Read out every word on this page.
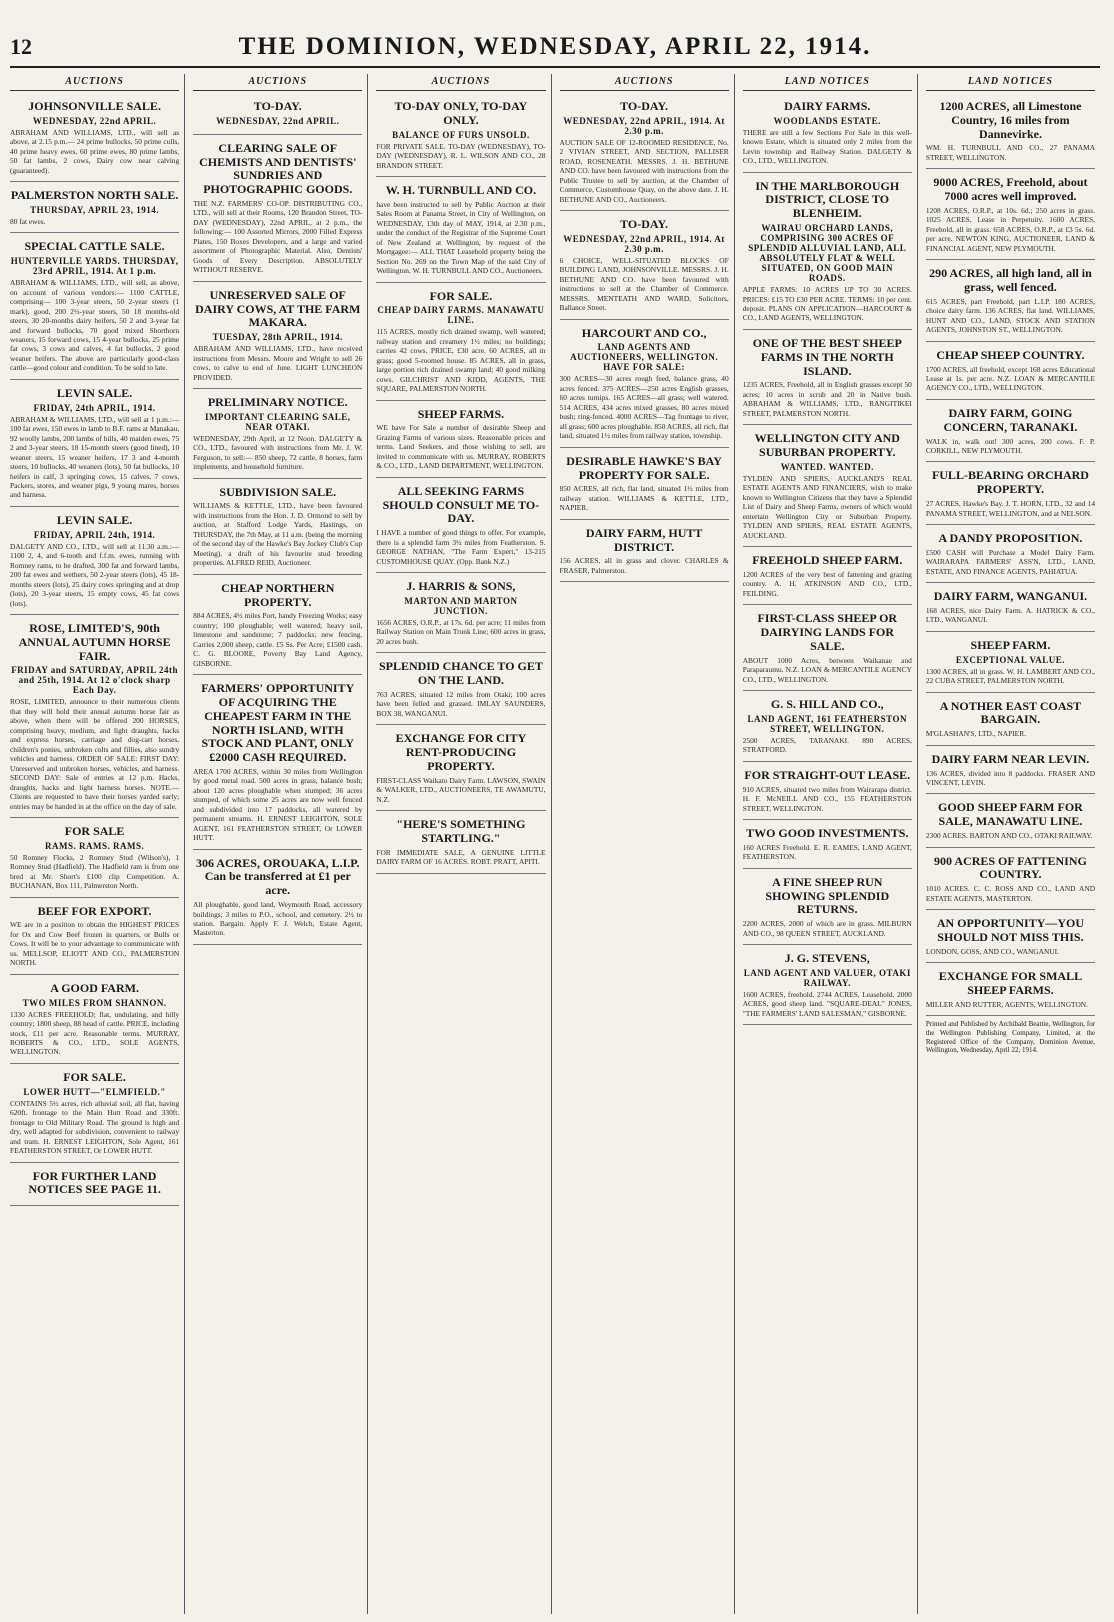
12	THE DOMINION, WEDNESDAY, APRIL 22, 1914.
AUCTIONS
JOHNSONVILLE SALE.
WEDNESDAY, 22nd APRIL.

ABRAHAM AND WILLIAMS, LTD., will sell as above, at 2.15 p.m.— 24 prime bullocks, 50 prime culls, 40 prime heavy ewes, 60 prime ewes, 80 prime lambs, 50 fat lambs, 2 cows, Dairy cow near calving (guaranteed).

PALMERSTON NORTH SALE.
THURSDAY, APRIL 23, 1914.

80 fat ewes.

SPECIAL CATTLE SALE.
HUNTERVILLE YARDS. THURSDAY, 23rd APRIL, 1914. At 1 p.m.

ABRAHAM & WILLIAMS, LTD., will sell, as above, on account of various vendors:— 1100 CATTLE, comprising— 100 3-year steers, 50 2-year steers (1 mark), good, 200 2½-year steers, 50 18 months-old steers, 30 20-months dairy heifers, 50 2 and 3-year fat and forward bullocks, 70 good mixed Shorthorn weaners, 15 forward cows, 15 4-year bullocks, 25 prime fat cows, 3 cows and calves, 4 fat bullocks, 2 good weaner heifers. The above are particularly good-class cattle—good colour and condition. To be sold to late.

LEVIN SALE.
FRIDAY, 24th APRIL, 1914.

ABRAHAM & WILLIAMS, LTD., will sell at 1 p.m.:— 100 fat ewes, 150 ewes in lamb to B.F. rams at Manakau, 92 woolly lambs, 200 lambs of hills, 40 maiden ewes, 75 2 and 3-year steers, 18 15-month steers (good lined), 10 weaner steers, 15 weaner heifers, 17 3 and 4-month steers, 10 bullocks, 40 weaners (lots), 50 fat bullocks, 10 heifers in calf, 3 springing cows, 15 calves, 7 cows, Packers, stores, and weaner pigs, 9 young mares, horses and harness.

LEVIN SALE.
FRIDAY, APRIL 24th, 1914.

DALGETY AND CO., LTD., will sell at 11.30 a.m.:— 1100 2, 4, and 6-tooth and f.f.m. ewes, running with Romney rams, to be drafted, 300 fat and forward lambs, 200 fat ewes and wethers, 50 2-year steers (lots), 45 18-months steers (lots), 25 dairy cows springing and at drop (lots), 20 3-year steers, 15 empty cows, 45 fat cows (lots).

ROSE, LIMITED'S, 90th ANNUAL AUTUMN HORSE FAIR.
FRIDAY and SATURDAY, APRIL 24th and 25th, 1914. At 12 o'clock sharp Each Day.

ROSE, LIMITED, announce to their numerous clients that they will hold their annual autumn horse fair as above, when there will be offered 200 HORSES, comprising heavy, medium, and light draughts, hacks and express horses, carriage and dog-cart horses, children's ponies, unbroken colts and fillies, also sundry vehicles and harness. ORDER OF SALE: FIRST DAY: Unreserved and unbroken horses, vehicles, and harness. SECOND DAY: Sale of entries at 12 p.m. Hacks, draughts, hacks and light harness horses. NOTE.—Clients are requested to have their horses yarded early; entries may be handed in at the office on the day of sale.

FOR SALE
RAMS. RAMS. RAMS.

50 Romney Flocks, 2 Romney Stud (Wilson's), 1 Romney Stud (Hadfield). The Hadfield ram is from one bred at Mr. Short's £100 clip Competition. A. BUCHANAN, Box 111, Palmerston North.

BEEF FOR EXPORT.

WE are in a position to obtain the HIGHEST PRICES for Ox and Cow Beef frozen in quarters, or Bulls or Cows. It will be to your advantage to communicate with us. MELLSOP, ELIOTT AND CO., PALMERSTON NORTH.

A GOOD FARM.
TWO MILES FROM SHANNON.

1330 ACRES FREEHOLD; flat, undulating, and hilly country; 1800 sheep, 88 head of cattle. PRICE, including stock, £11 per acre. Reasonable terms. MURRAY, ROBERTS & CO., LTD., SOLE AGENTS, WELLINGTON.

FOR SALE.
LOWER HUTT—"ELMFIELD."

CONTAINS 5½ acres, rich alluvial soil, all flat, having 620ft. frontage to the Main Hutt Road and 330ft. frontage to Old Military Road. The ground is high and dry, well adapted for subdivision, convenient to railway and tram. H. ERNEST LEIGHTON, Sole Agent, 161 FEATHERSTON STREET, Or LOWER HUTT.

FOR FURTHER LAND NOTICES SEE PAGE 11.
AUCTIONS
TO-DAY.
WEDNESDAY, 22nd APRIL.
CLEARING SALE OF CHEMISTS AND DENTISTS' SUNDRIES AND PHOTOGRAPHIC GOODS.

THE N.Z. FARMERS' CO-OP. DISTRIBUTING CO., LTD., will sell at their Rooms, 120 Brandon Street, TO-DAY (WEDNESDAY), 22nd APRIL, at 2 p.m., the following:— 100 Assorted Mirrors, 2000 Filled Express Plates, 150 Boxes Developers, and a large and varied assortment of Photographic Material. Also, Dentists' Goods of Every Description. ABSOLUTELY WITHOUT RESERVE.

UNRESERVED SALE OF DAIRY COWS, AT THE FARM MAKARA.
TUESDAY, 28th APRIL, 1914.

ABRAHAM AND WILLIAMS, LTD., have received instructions from Messrs. Moore and Wright to sell 26 cows, to calve to end of June. LIGHT LUNCHEON PROVIDED.

PRELIMINARY NOTICE.
IMPORTANT CLEARING SALE, NEAR OTAKI.

WEDNESDAY, 29th April, at 12 Noon. DALGETY & CO., LTD., favoured with instructions from Mr. J. W. Ferguson, to sell:— 850 sheep, 72 cattle, 8 horses, farm implements, and household furniture.

SUBDIVISION SALE.

WILLIAMS & KETTLE, LTD., have been favoured with instructions from the Hon. J. D. Ormond to sell by auction, at Stafford Lodge Yards, Hastings, on THURSDAY, the 7th May, at 11 a.m. (being the morning of the second day of the Hawke's Bay Jockey Club's Cup Meeting), a draft of his favourite stud breeding properties. ALFRED REID, Auctioneer.

CHEAP NORTHERN PROPERTY.

884 ACRES, 4½ miles Port, handy Freezing Works; easy country; 100 ploughable; well watered; heavy soil, limestone and sandstone; 7 paddocks; new fencing. Carries 2,000 sheep, cattle. £5 Ss. Per Acre; £1500 cash. C. G. BLOORE, Poverty Bay Land Agency, GISBORNE.

FARMERS' OPPORTUNITY OF ACQUIRING THE CHEAPEST FARM IN THE NORTH ISLAND, WITH STOCK AND PLANT, ONLY £2000 CASH REQUIRED.

AREA 1700 ACRES, within 30 miles from Wellington by good metal road. 500 acres in grass, balance bush; about 120 acres ploughable when stumped; 36 acres stumped, of which some 25 acres are now well fenced and subdivided into 17 paddocks, all watered by permanent streams. H. ERNEST LEIGHTON, SOLE AGENT, 161 FEATHERSTON STREET, Or LOWER HUTT.

306 ACRES, OROUAKA, L.I.P. Can be transferred at £1 per acre.

All ploughable, good land, Weymouth Road, accessory buildings; 3 miles to P.O., school, and cemetery. 2½ to station. Bargain. Apply F. J. Welch, Estate Agent, Masterton.

AUCTIONS
TO-DAY ONLY, TO-DAY ONLY.
BALANCE OF FURS UNSOLD.

FOR PRIVATE SALE. TO-DAY (WEDNESDAY), TO-DAY (WEDNESDAY). R. L. WILSON AND CO., 28 BRANDON STREET.

W. H. TURNBULL AND CO.

have been instructed to sell by Public Auction at their Sales Room at Panama Street, in City of Wellington, on WEDNESDAY, 13th day of MAY, 1914, at 2.30 p.m., under the conduct of the Registrar of the Supreme Court of New Zealand at Wellington, by request of the Mortgagee:— ALL THAT Leasehold property being the Section No. 269 on the Town Map of the said City of Wellington. W. H. TURNBULL AND CO., Auctioneers.

FOR SALE.
CHEAP DAIRY FARMS. MANAWATU LINE.

115 ACRES, mostly rich drained swamp, well watered; railway station and creamery 1½ miles; no buildings; carries 42 cows. PRICE, £30 acre. 60 ACRES, all in grass; good 5-roomed house. 85 ACRES, all in grass, large portion rich drained swamp land; 40 good milking cows. GILCHRIST AND KIDD, AGENTS, THE SQUARE, PALMERSTON NORTH.

SHEEP FARMS.

WE have For Sale a number of desirable Sheep and Grazing Farms of various sizes. Reasonable prices and terms. Land Seekers, and those wishing to sell, are invited to communicate with us. MURRAY, ROBERTS & CO., LTD., LAND DEPARTMENT, WELLINGTON.

ALL SEEKING FARMS SHOULD CONSULT ME TO-DAY.

I HAVE a number of good things to offer. For example, there is a splendid farm 3½ miles from Featherston. S. GEORGE NATHAN, "The Farm Expert," 13-215 CUSTOMHOUSE QUAY. (Opp. Bank N.Z.)

J. HARRIS & SONS,
MARTON AND MARTON JUNCTION.

1656 ACRES, O.R.P., at 17s. 6d. per acre; 11 miles from Railway Station on Main Trunk Line; 600 acres in grass, 20 acres bush.

SPLENDID CHANCE TO GET ON THE LAND.

763 ACRES, situated 12 miles from Otaki; 100 acres have been felled and grassed. IMLAY SAUNDERS, BOX 38, WANGANUI.

EXCHANGE FOR CITY RENT-PRODUCING PROPERTY.

FIRST-CLASS Waikato Dairy Farm. LAWSON, SWAIN & WALKER, LTD., AUCTIONEERS, TE AWAMUTU, N.Z.

"HERE'S SOMETHING STARTLING."

FOR IMMEDIATE SALE, A GENUINE LITTLE DAIRY FARM OF 16 ACRES. ROBT. PRATT, APITI.

AUCTIONS
TO-DAY.
WEDNESDAY, 22nd APRIL, 1914. At 2.30 p.m.

AUCTION SALE OF 12-ROOMED RESIDENCE, No. 2 VIVIAN STREET, AND SECTION, PALLISER ROAD, ROSENEATH. MESSRS. J. H. BETHUNE AND CO. have been favoured with instructions from the Public Trustee to sell by auction, at the Chamber of Commerce, Customhouse Quay, on the above date. J. H. BETHUNE AND CO., Auctioneers.

TO-DAY.
WEDNESDAY, 22nd APRIL, 1914. At 2.30 p.m.

6 CHOICE, WELL-SITUATED BLOCKS OF BUILDING LAND, JOHNSONVILLE. MESSRS. J. H. BETHUNE AND CO. have been favoured with instructions to sell at the Chamber of Commerce. MESSRS. MENTEATH AND WARD, Solicitors, Ballance Street.

HARCOURT AND CO.,
LAND AGENTS AND AUCTIONEERS, WELLINGTON. HAVE FOR SALE:

300 ACRES—30 acres rough feed, balance grass, 40 acres fenced. 375 ACRES—250 acres English grasses, 60 acres turnips. 165 ACRES—all grass; well watered. 514 ACRES, 434 acres mixed grasses, 80 acres mixed bush; ring-fenced. 4000 ACRES—Tag frontage to river, all grass; 600 acres ploughable. 850 ACRES, all rich, flat land, situated 1½ miles from railway station, township.

DESIRABLE HAWKE'S BAY PROPERTY FOR SALE.

850 ACRES, all rich, flat land, situated 1½ miles from railway station. WILLIAMS & KETTLE, LTD., NAPIER.

DAIRY FARM, HUTT DISTRICT.

156 ACRES, all in grass and clover. CHARLES & FRASER, Palmerston.

LAND NOTICES
DAIRY FARMS.
WOODLANDS ESTATE.

THERE are still a few Sections For Sale in this well-known Estate, which is situated only 2 miles from the Levin township and Railway Station. DALGETY & CO., LTD., WELLINGTON.

IN THE MARLBOROUGH DISTRICT, CLOSE TO BLENHEIM.
WAIRAU ORCHARD LANDS, COMPRISING 300 ACRES OF SPLENDID ALLUVIAL LAND, ALL ABSOLUTELY FLAT & WELL SITUATED, ON GOOD MAIN ROADS.

APPLE FARMS: 10 ACRES UP TO 30 ACRES. PRICES: £15 TO £30 PER ACRE. TERMS: 10 per cent. deposit. PLANS ON APPLICATION—HARCOURT & CO., LAND AGENTS, WELLINGTON.

ONE OF THE BEST SHEEP FARMS IN THE NORTH ISLAND.

1235 ACRES, Freehold, all in English grasses except 50 acres; 10 acres in scrub and 20 in Native bush. ABRAHAM & WILLIAMS, LTD., RANGITIKEI STREET, PALMERSTON NORTH.

WELLINGTON CITY AND SUBURBAN PROPERTY.
WANTED. WANTED.

TYLDEN AND SPIERS, AUCKLAND'S REAL ESTATE AGENTS AND FINANCIERS, wish to make known to Wellington Citizens that they have a Splendid List of Dairy and Sheep Farms, owners of which would entertain Wellington City or Suburban Property. TYLDEN AND SPIERS, REAL ESTATE AGENTS, AUCKLAND.

FREEHOLD SHEEP FARM.

1200 ACRES of the very best of fattening and grazing country. A. H. ATKINSON AND CO., LTD., FEILDING.

FIRST-CLASS SHEEP OR DAIRYING LANDS FOR SALE.

ABOUT 1000 Acres, between Waikanae and Paraparaumu. N.Z. LOAN & MERCANTILE AGENCY CO., LTD., WELLINGTON.

G. S. HILL AND CO.,
LAND AGENT, 161 FEATHERSTON STREET, WELLINGTON.

2500 ACRES, TARANAKI. 890 ACRES, STRATFORD.

FOR STRAIGHT-OUT LEASE.

910 ACRES, situated two miles from Wairarapa district. H. F. McNEILL AND CO., 155 FEATHERSTON STREET, WELLINGTON.

TWO GOOD INVESTMENTS.

160 ACRES Freehold. E. R. EAMES, LAND AGENT, FEATHERSTON.

A FINE SHEEP RUN SHOWING SPLENDID RETURNS.

2200 ACRES, 2000 of which are in grass. MILBURN AND CO., 98 QUEEN STREET, AUCKLAND.

J. G. STEVENS,
LAND AGENT AND VALUER, OTAKI RAILWAY.

1600 ACRES, freehold. 2744 ACRES, Leasehold. 2000 ACRES, good sheep land. "SQUARE-DEAL" JONES, "THE FARMERS' LAND SALESMAN," GISBORNE.

LAND NOTICES
1200 ACRES, all Limestone Country, 16 miles from Dannevirke.

WM. H. TURNBULL AND CO., 27 PANAMA STREET, WELLINGTON.

9000 ACRES, Freehold, about 7000 acres well improved.

1208 ACRES, O.R.P., at 10s. 6d.; 250 acres in grass. 1025 ACRES, Lease in Perpetuity. 1600 ACRES, Freehold, all in grass. 658 ACRES, O.R.P., at £3 5s. 6d. per acre. NEWTON KING, AUCTIONEER, LAND & FINANCIAL AGENT, NEW PLYMOUTH.

290 ACRES, all high land, all in grass, well fenced.

615 ACRES, part Freehold, part L.I.P. 180 ACRES, choice dairy farm. 136 ACRES, flat land. WILLIAMS, HUNT AND CO., LAND, STOCK AND STATION AGENTS, JOHNSTON ST., WELLINGTON.

CHEAP SHEEP COUNTRY.

1700 ACRES, all freehold, except 168 acres Educational Lease at 1s. per acre. N.Z. LOAN & MERCANTILE AGENCY CO., LTD., WELLINGTON.

DAIRY FARM, GOING CONCERN, TARANAKI.

WALK in, walk out! 300 acres, 200 cows. F. P. CORKILL, NEW PLYMOUTH.

FULL-BEARING ORCHARD PROPERTY.

27 ACRES, Hawke's Bay. J. T. HORN, LTD., 32 and 14 PANAMA STREET, WELLINGTON, and at NELSON.

A DANDY PROPOSITION.

£500 CASH will Purchase a Model Dairy Farm. WAIRARAPA FARMERS' ASS'N, LTD., LAND, ESTATE, AND FINANCE AGENTS, PAHIATUA.

DAIRY FARM, WANGANUI.

168 ACRES, nice Dairy Farm. A. HATRICK & CO., LTD., WANGANUI.

SHEEP FARM.
EXCEPTIONAL VALUE.

1300 ACRES, all in grass. W. H. LAMBERT AND CO., 22 CUBA STREET, PALMERSTON NORTH.

A NOTHER EAST COAST BARGAIN.

M'GLASHAN'S, LTD., NAPIER.

DAIRY FARM NEAR LEVIN.

136 ACRES, divided into 8 paddocks. FRASER AND VINCENT, LEVIN.

GOOD SHEEP FARM FOR SALE, MANAWATU LINE.

2300 ACRES. BARTON AND CO., OTAKI RAILWAY.

900 ACRES OF FATTENING COUNTRY.

1010 ACRES. C. C. ROSS AND CO., LAND AND ESTATE AGENTS, MASTERTON.

AN OPPORTUNITY—YOU SHOULD NOT MISS THIS.

LONDON, GOSS, AND CO., WANGANUI.

EXCHANGE FOR SMALL SHEEP FARMS.

MILLER AND RUTTER, AGENTS, WELLINGTON.

Printed and Published by Archibald Beattie, Wellington, for the Wellington Publishing Company, Limited, at the Registered Office of the Company, Dominion Avenue, Wellington, Wednesday, April 22, 1914.
